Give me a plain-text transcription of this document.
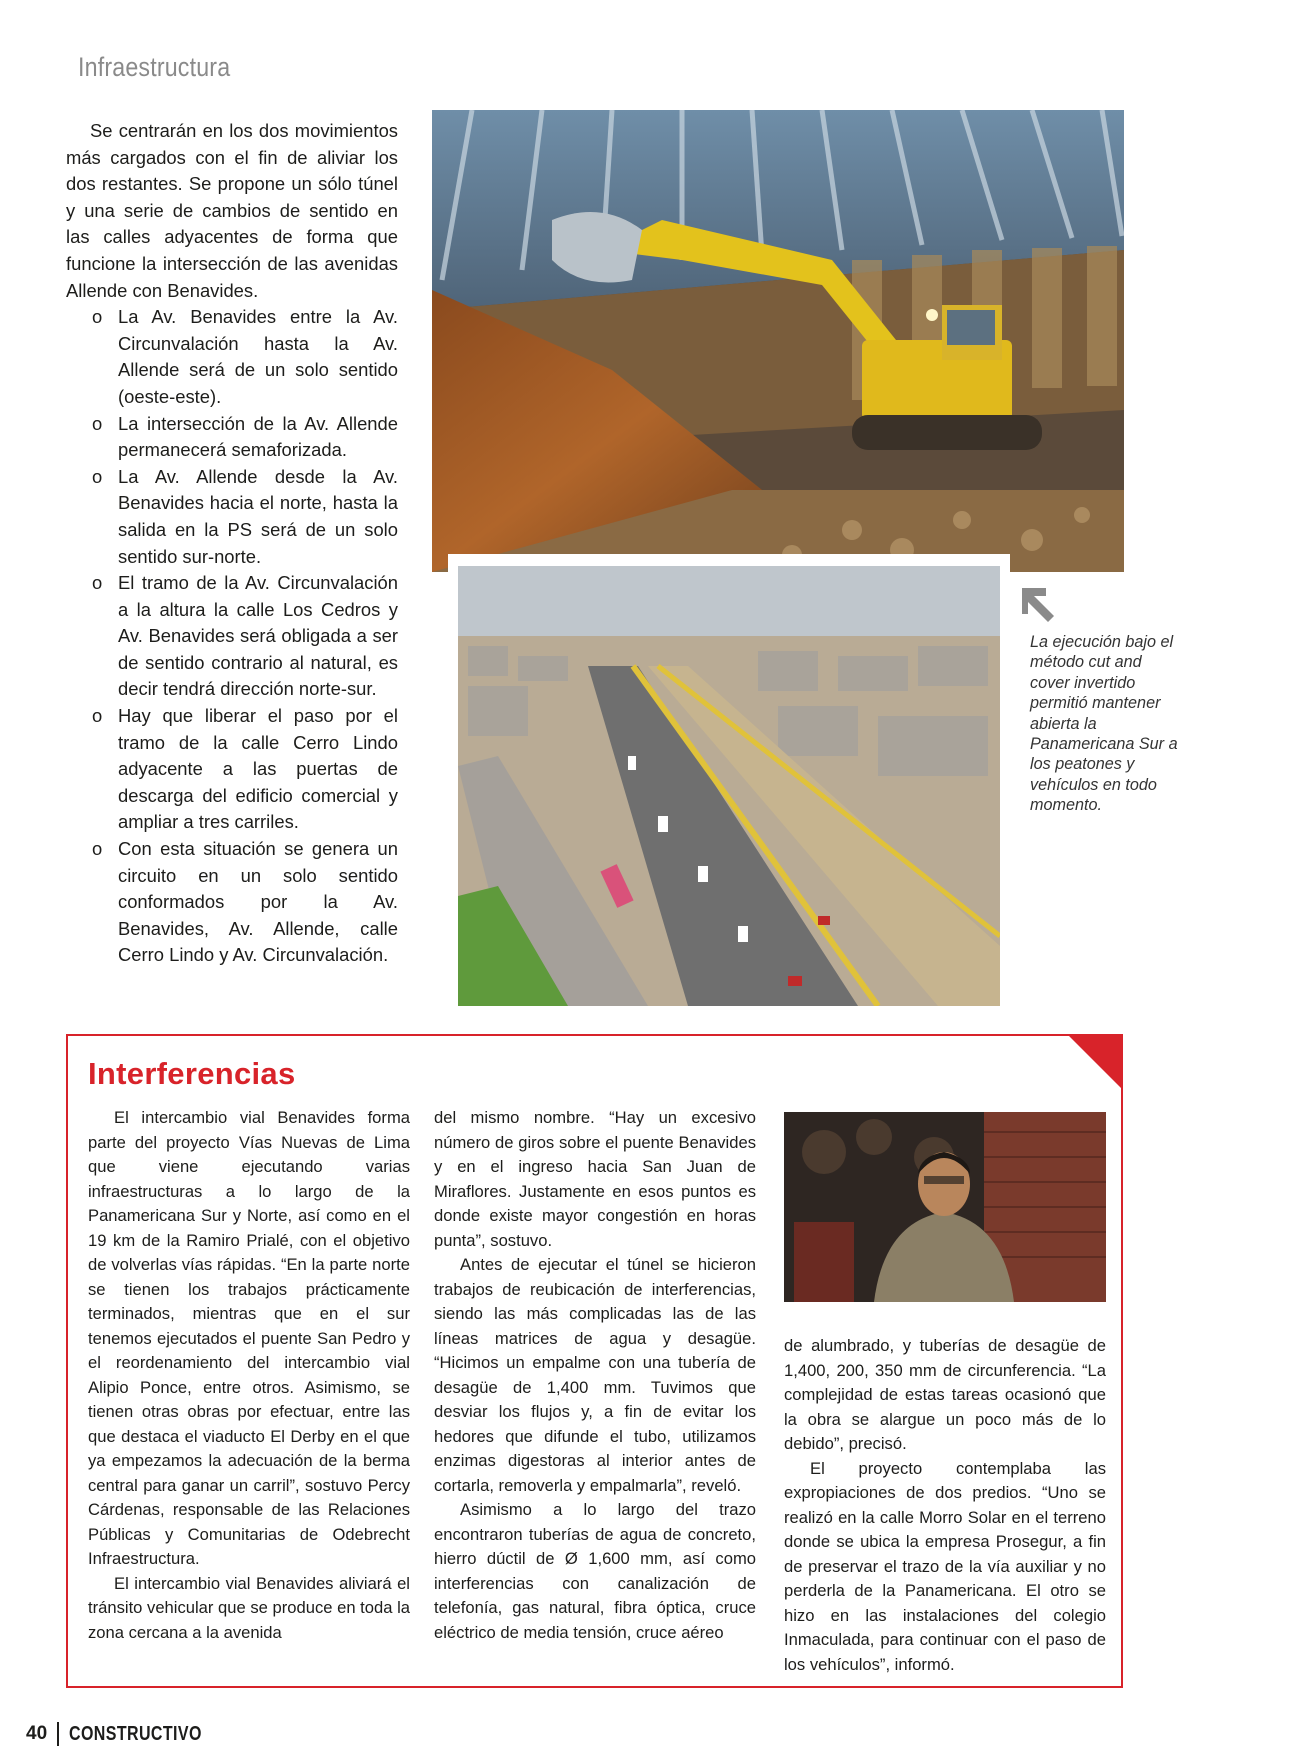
Infraestructura

Se centrarán en los dos movimientos más cargados con el fin de aliviar los dos restantes. Se propone un sólo túnel y una serie de cambios de sentido en las calles adyacentes de forma que funcione la intersección de las avenidas Allende con Benavides.

o La Av. Benavides entre la Av. Circunvalación hasta la Av. Allende será de un solo sentido (oeste-este).
o La intersección de la Av. Allende permanecerá semaforizada.
o La Av. Allende desde la Av. Benavides hacia el norte, hasta la salida en la PS será de un solo sentido sur-norte.
o El tramo de la Av. Circunvalación a la altura la calle Los Cedros y Av. Benavides será obligada a ser de sentido contrario al natural, es decir tendrá dirección norte-sur.
o Hay que liberar el paso por el tramo de la calle Cerro Lindo adyacente a las puertas de descarga del edificio comercial y ampliar a tres carriles.
o Con esta situación se genera un circuito en un solo sentido conformados por la Av. Benavides, Av. Allende, calle Cerro Lindo y Av. Circunvalación.
La ejecución bajo el método cut and cover invertido permitió mantener abierta la Panamericana Sur a los peatones y vehículos en todo momento.
Interferencias

El intercambio vial Benavides forma parte del proyecto Vías Nuevas de Lima que viene ejecutando varias infraestructuras a lo largo de la Panamericana Sur y Norte, así como en el 19 km de la Ramiro Prialé, con el objetivo de volverlas vías rápidas. “En la parte norte se tienen los trabajos prácticamente terminados, mientras que en el sur tenemos ejecutados el puente San Pedro y el reordenamiento del intercambio vial Alipio Ponce, entre otros. Asimismo, se tienen otras obras por efectuar, entre las que destaca el viaducto El Derby en el que ya empezamos la adecuación de la berma central para ganar un carril”, sostuvo Percy Cárdenas, responsable de las Relaciones Públicas y Comunitarias de Odebrecht Infraestructura.

El intercambio vial Benavides aliviará el tránsito vehicular que se produce en toda la zona cercana a la avenida

del mismo nombre. “Hay un excesivo número de giros sobre el puente Benavides y en el ingreso hacia San Juan de Miraflores. Justamente en esos puntos es donde existe mayor congestión en horas punta”, sostuvo.

Antes de ejecutar el túnel se hicieron trabajos de reubicación de interferencias, siendo las más complicadas las de las líneas matrices de agua y desagüe. “Hicimos un empalme con una tubería de desagüe de 1,400 mm. Tuvimos que desviar los flujos y, a fin de evitar los hedores que difunde el tubo, utilizamos enzimas digestoras al interior antes de cortarla, removerla y empalmarla”, reveló.

Asimismo a lo largo del trazo encontraron tuberías de agua de concreto, hierro dúctil de Ø 1,600 mm, así como interferencias con canalización de telefonía, gas natural, fibra óptica, cruce eléctrico de media tensión, cruce aéreo

de alumbrado, y tuberías de desagüe de 1,400, 200, 350 mm de circunferencia. “La complejidad de estas tareas ocasionó que la obra se alargue un poco más de lo debido”, precisó.

El proyecto contemplaba las expropiaciones de dos predios. “Uno se realizó en la calle Morro Solar en el terreno donde se ubica la empresa Prosegur, a fin de preservar el trazo de la vía auxiliar y no perderla de la Panamericana. El otro se hizo en las instalaciones del colegio Inmaculada, para continuar con el paso de los vehículos”, informó.

40 CONSTRUCTIVO
